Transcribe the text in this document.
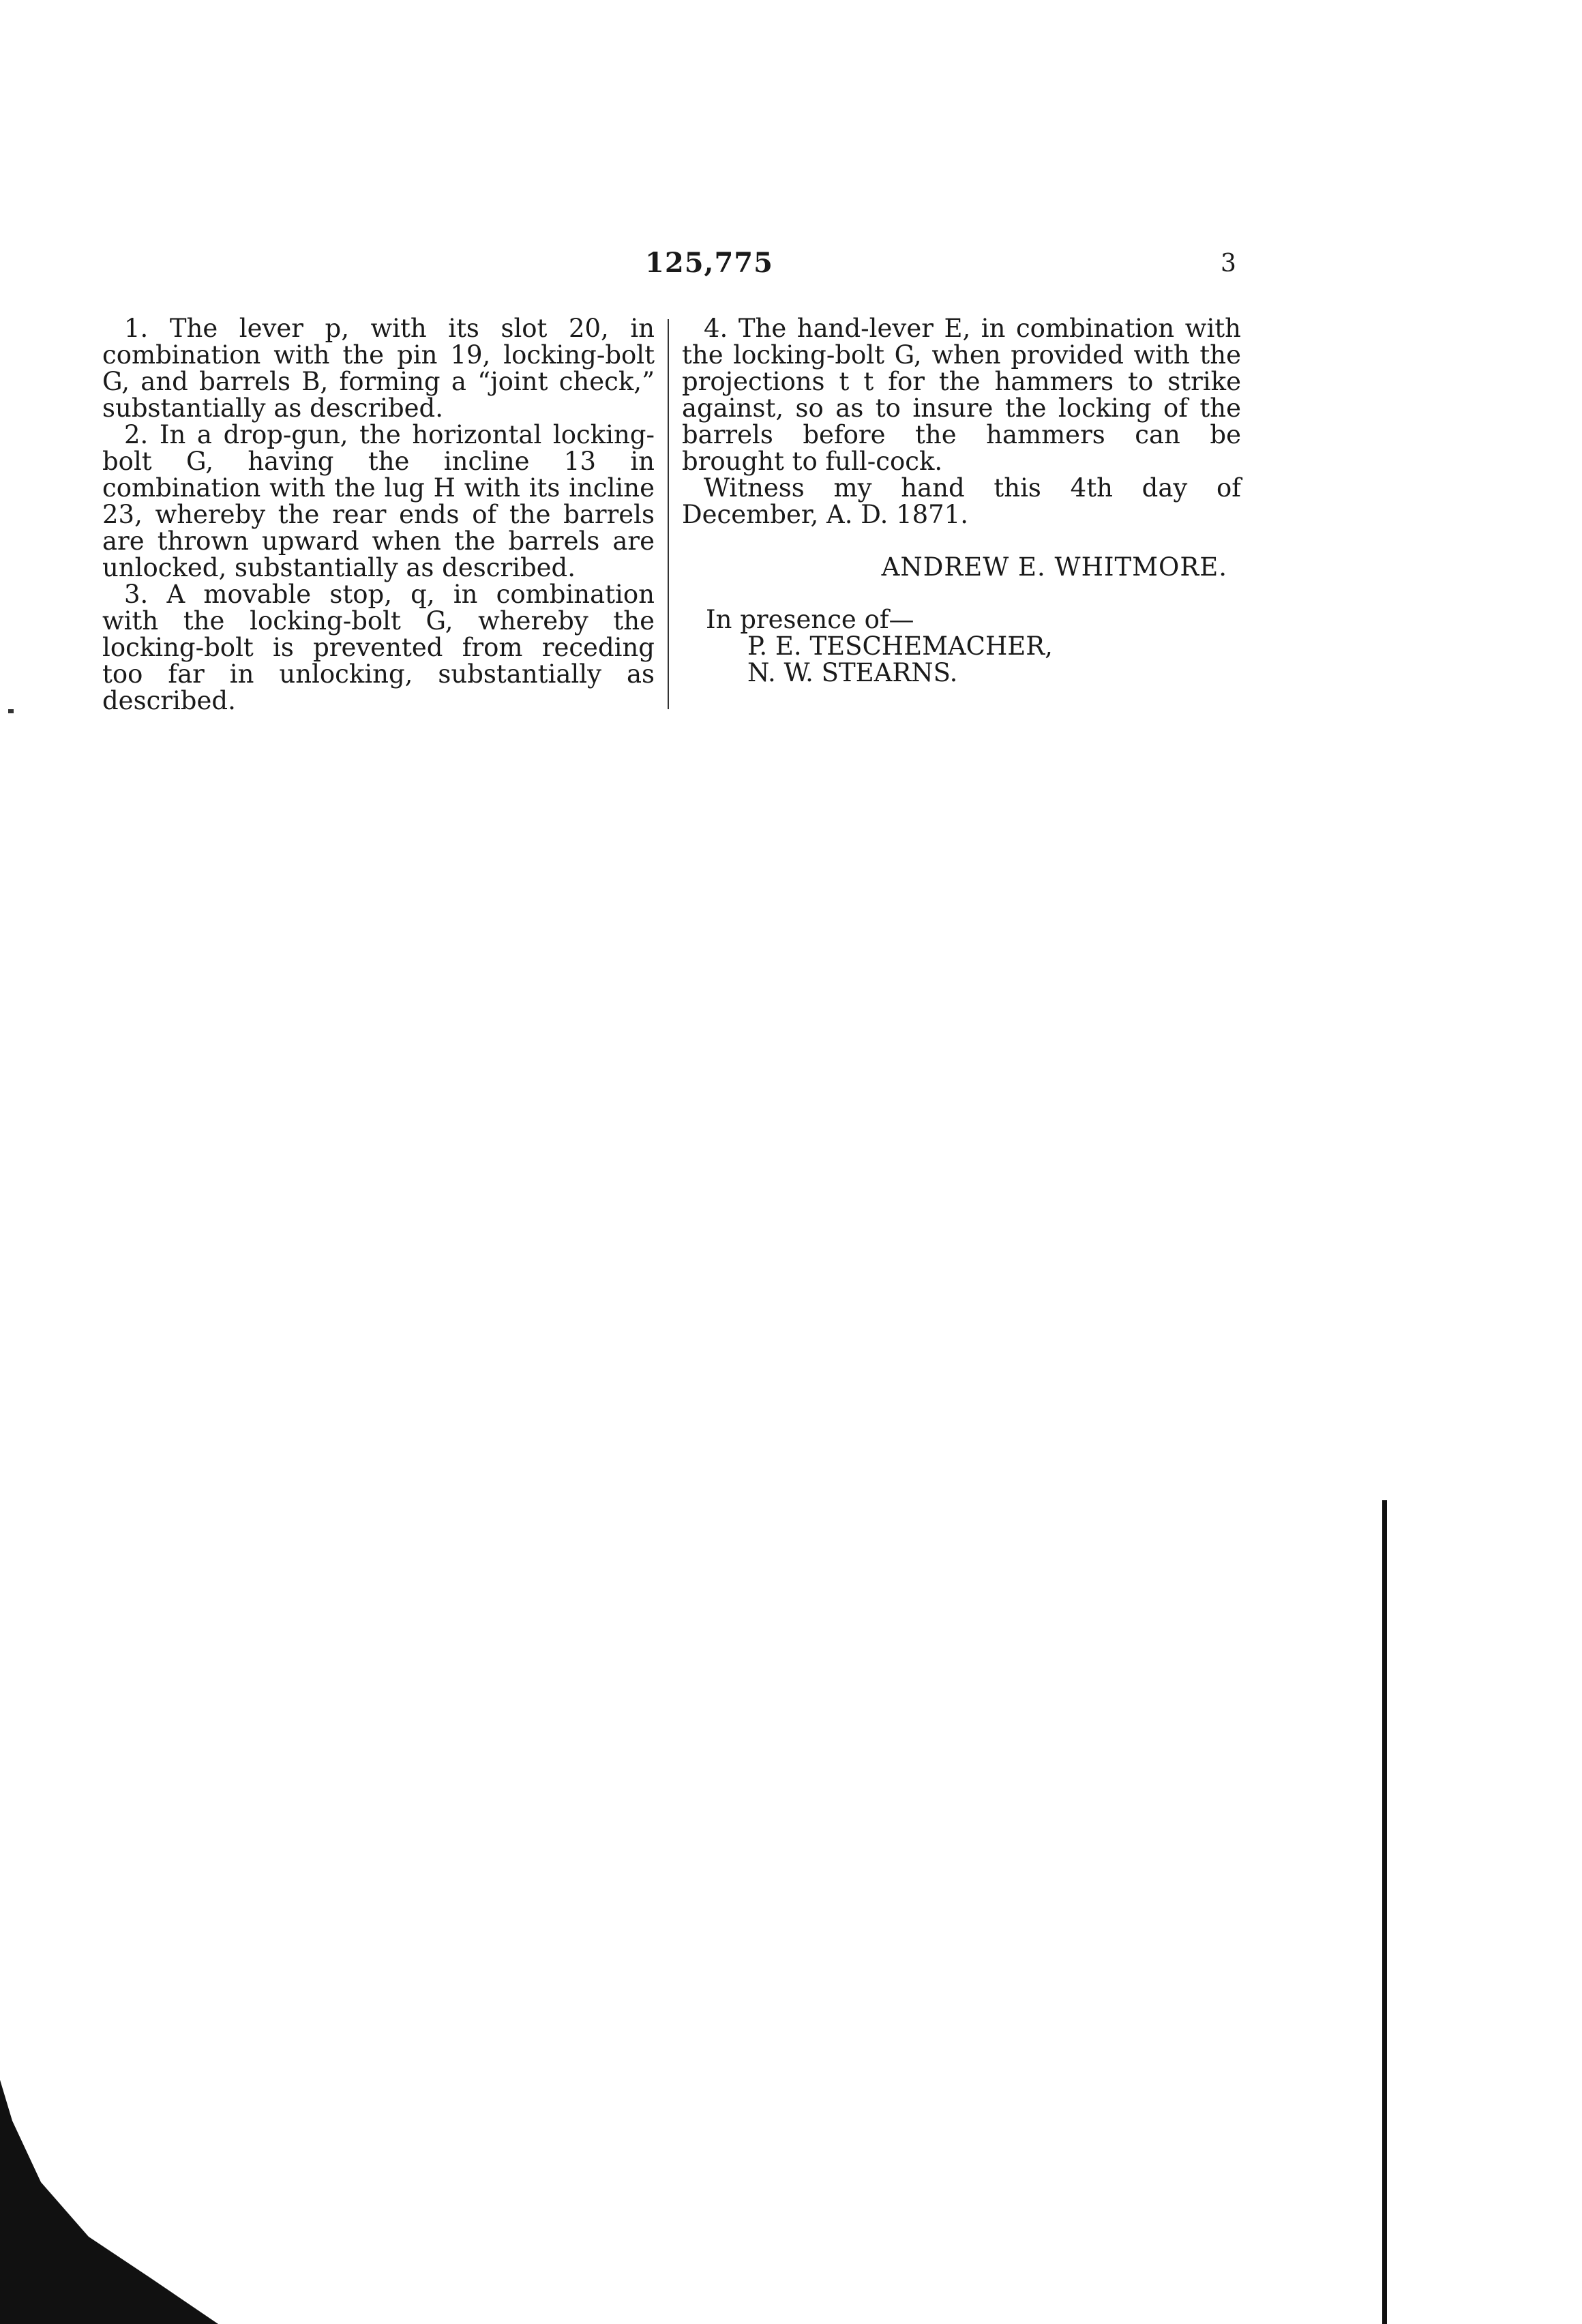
125,775	3

1. The lever p, with its slot 20, in combination with the pin 19, locking-bolt G, and barrels B, forming a “joint check,” substantially as described.

2. In a drop-gun, the horizontal locking-bolt G, having the incline 13 in combination with the lug H with its incline 23, whereby the rear ends of the barrels are thrown upward when the barrels are unlocked, substantially as described.

3. A movable stop, q, in combination with the locking-bolt G, whereby the locking-bolt is prevented from receding too far in unlocking, substantially as described.

4. The hand-lever E, in combination with the locking-bolt G, when provided with the projections t t for the hammers to strike against, so as to insure the locking of the barrels before the hammers can be brought to full-cock.

Witness my hand this 4th day of December, A. D. 1871.

ANDREW E. WHITMORE.
In presence of—
P. E. TESCHEMACHER,
N. W. STEARNS.
